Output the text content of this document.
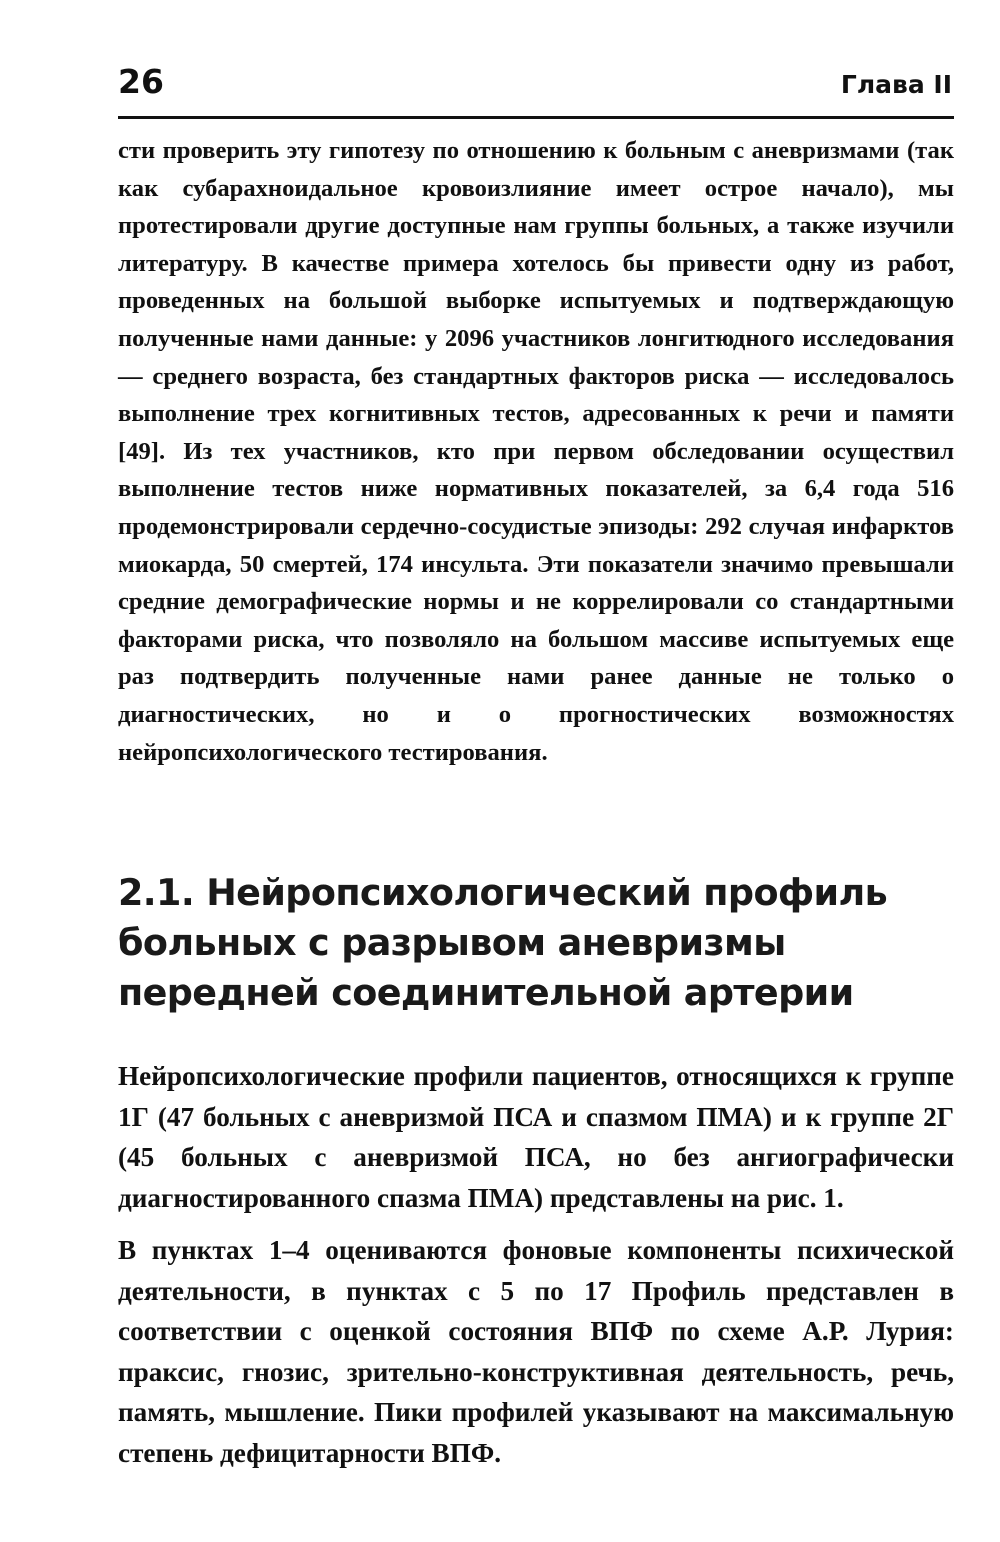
26	Глава II

сти проверить эту гипотезу по отношению к больным с аневризмами (так как субарахноидальное кровоизлияние имеет острое начало), мы протестировали другие доступные нам группы больных, а также изучили литературу. В качестве примера хотелось бы привести одну из работ, проведенных на большой выборке испытуемых и подтверждающую полученные нами данные: у 2096 участников лонгитюдного исследования — среднего возраста, без стандартных факторов риска — исследовалось выполнение трех когнитивных тестов, адресованных к речи и памяти [49]. Из тех участников, кто при первом обследовании осуществил выполнение тестов ниже нормативных показателей, за 6,4 года 516 продемонстрировали сердечно-сосудистые эпизоды: 292 случая инфарктов миокарда, 50 смертей, 174 инсульта. Эти показатели значимо превышали средние демографические нормы и не коррелировали со стандартными факторами риска, что позволяло на большом массиве испытуемых еще раз подтвердить полученные нами ранее данные не только о диагностических, но и о прогностических возможностях нейропсихологического тестирования.

2.1. Нейропсихологический профиль больных с разрывом аневризмы передней соединительной артерии

Нейропсихологические профили пациентов, относящихся к группе 1Г (47 больных с аневризмой ПСА и спазмом ПМА) и к группе 2Г (45 больных с аневризмой ПСА, но без ангиографически диагностированного спазма ПМА) представлены на рис. 1.

В пунктах 1–4 оцениваются фоновые компоненты психической деятельности, в пунктах с 5 по 17 Профиль представлен в соответствии с оценкой состояния ВПФ по схеме А.Р. Лурия: праксис, гнозис, зрительно-конструктивная деятельность, речь, память, мышление. Пики профилей указывают на максимальную степень дефицитарности ВПФ.
